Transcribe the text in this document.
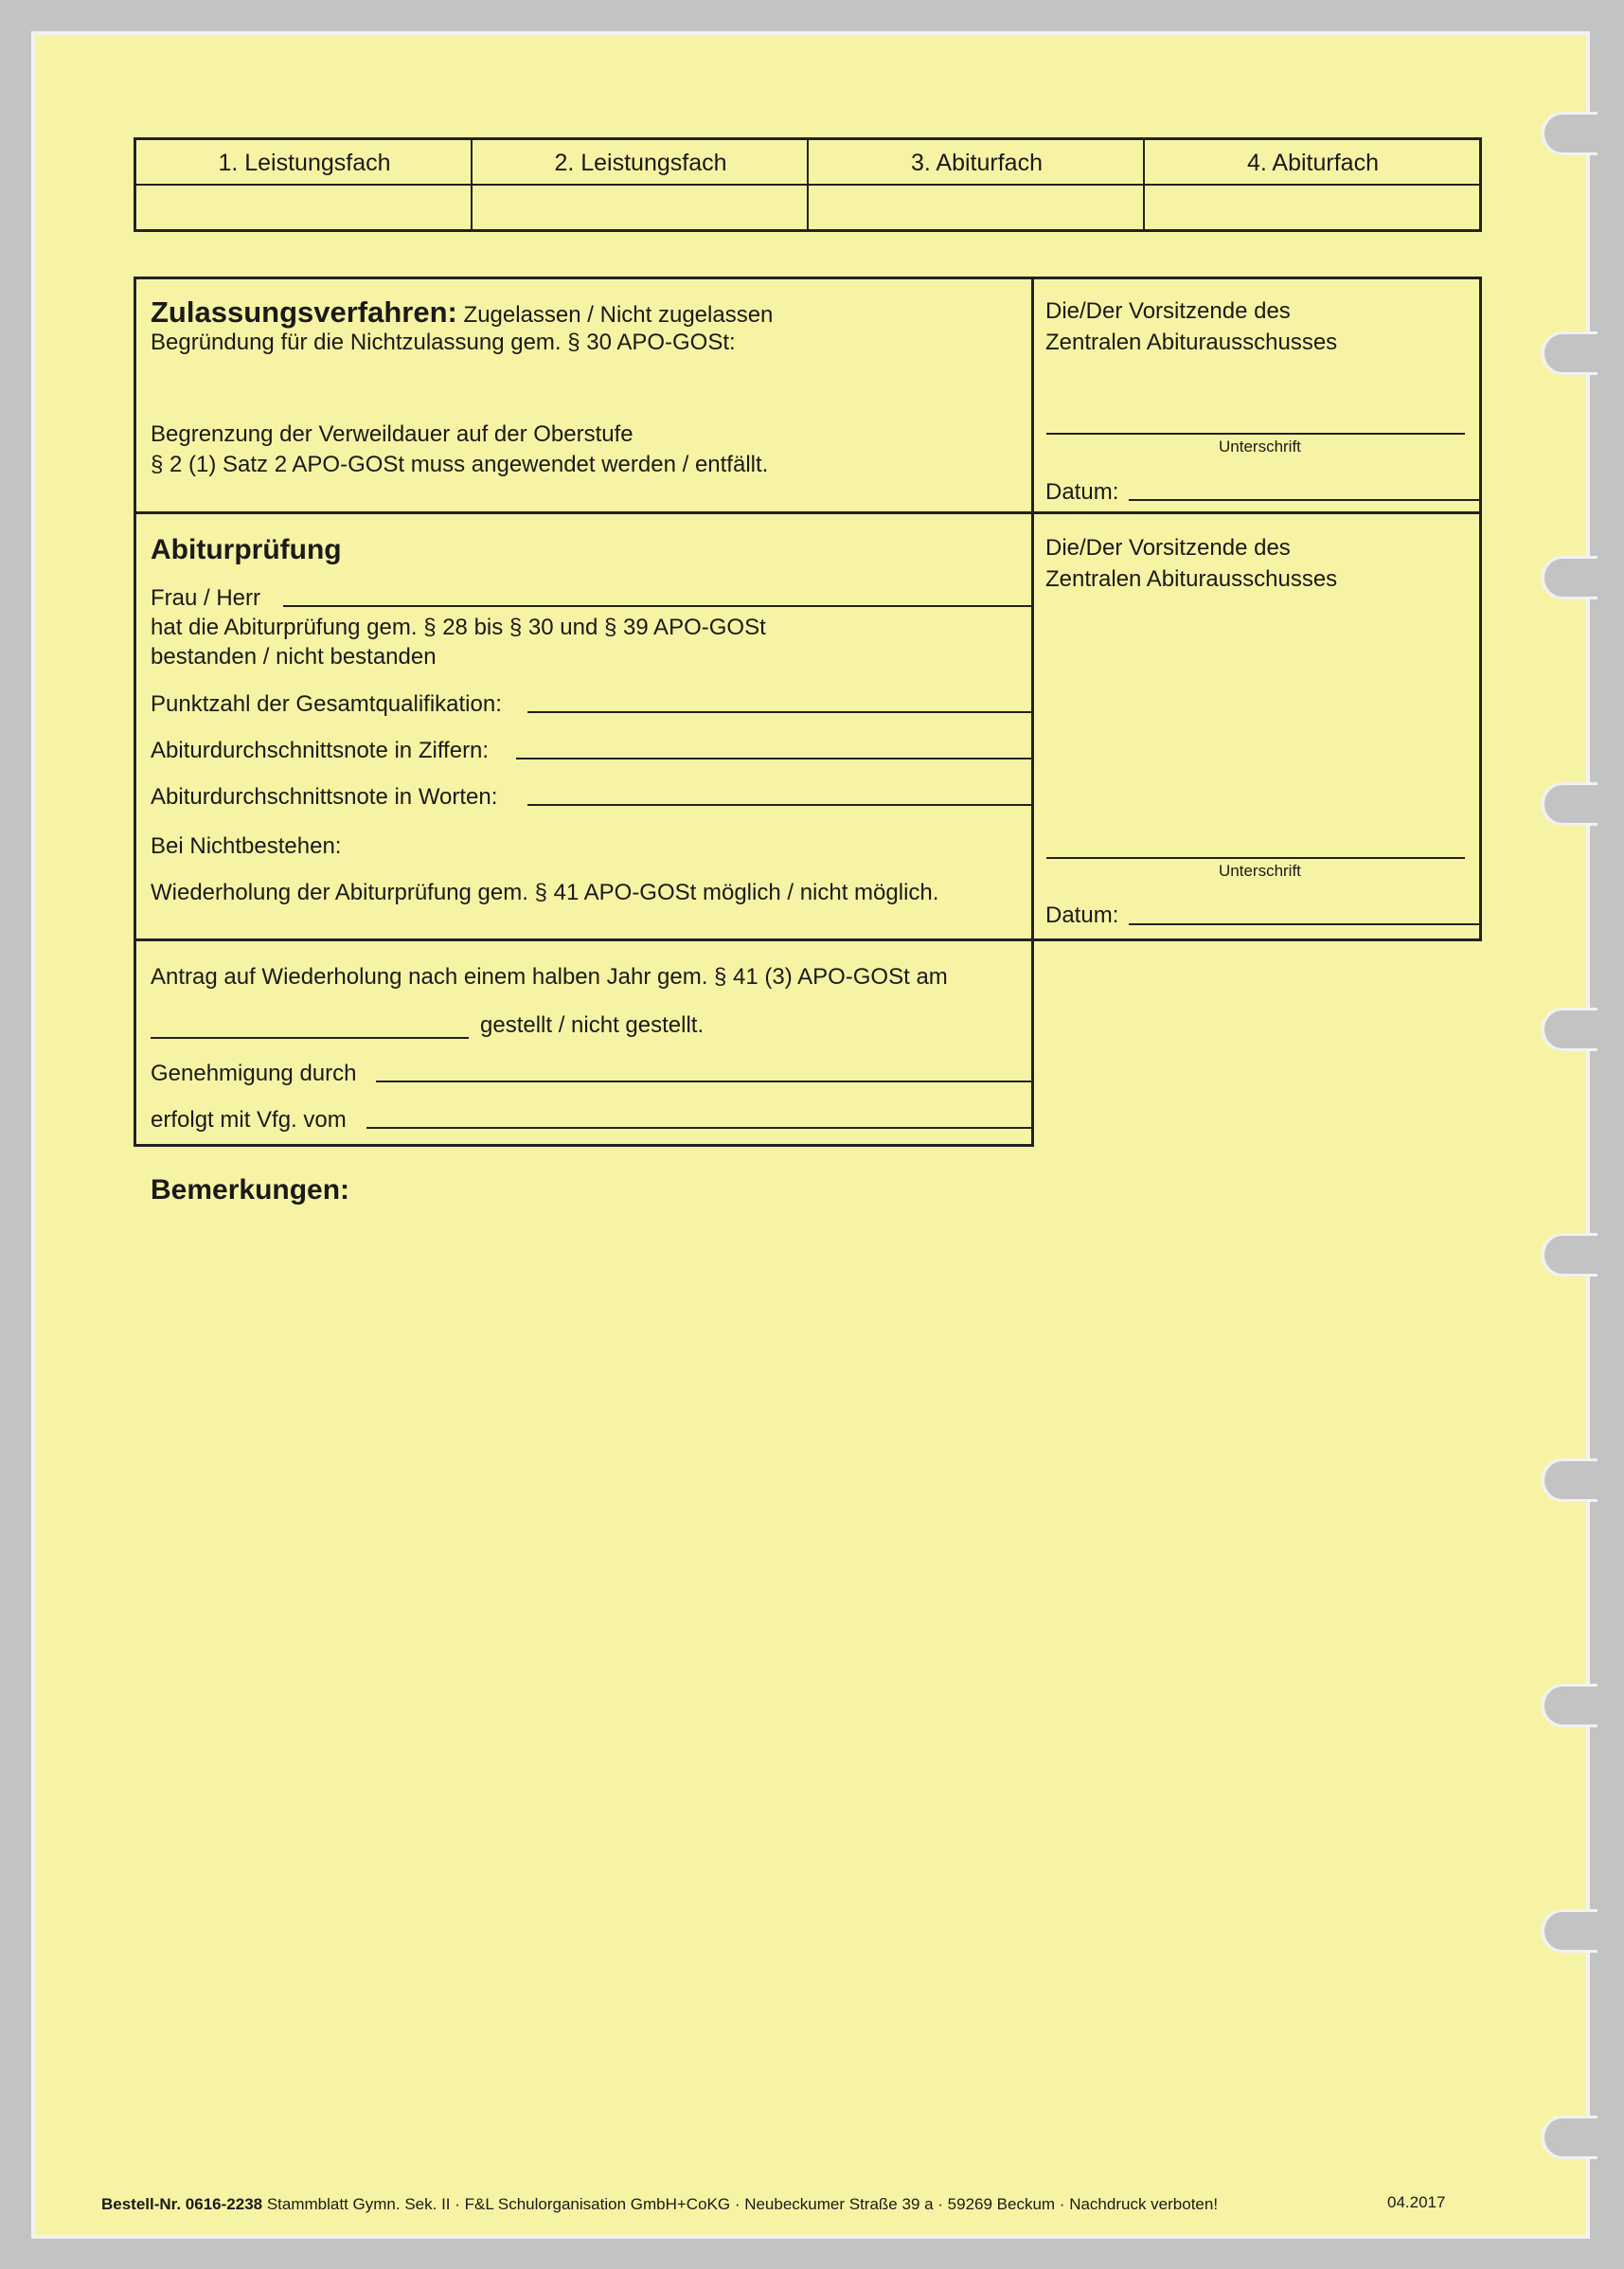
1. Leistungsfach	2. Leistungsfach	3. Abiturfach	4. Abiturfach
Zulassungsverfahren: Zugelassen / Nicht zugelassen
Begründung für die Nichtzulassung gem. § 30 APO-GOSt:
Begrenzung der Verweildauer auf der Oberstufe
§ 2 (1) Satz 2 APO-GOSt muss angewendet werden / entfällt.
Die/Der Vorsitzende des
Zentralen Abiturausschusses
Unterschrift
Datum:
Abiturprüfung
Frau / Herr
hat die Abiturprüfung gem. § 28 bis § 30 und § 39 APO-GOSt
bestanden / nicht bestanden
Punktzahl der Gesamtqualifikation:
Abiturdurchschnittsnote in Ziffern:
Abiturdurchschnittsnote in Worten:
Bei Nichtbestehen:
Wiederholung der Abiturprüfung gem. § 41 APO-GOSt möglich / nicht möglich.
Die/Der Vorsitzende des
Zentralen Abiturausschusses
Unterschrift
Datum:
Antrag auf Wiederholung nach einem halben Jahr gem. § 41 (3) APO-GOSt am
gestellt / nicht gestellt.
Genehmigung durch
erfolgt mit Vfg. vom
Bemerkungen:
Bestell-Nr. 0616-2238 Stammblatt Gymn. Sek. II · F&L Schulorganisation GmbH+CoKG · Neubeckumer Straße 39 a · 59269 Beckum · Nachdruck verboten!	04.2017
